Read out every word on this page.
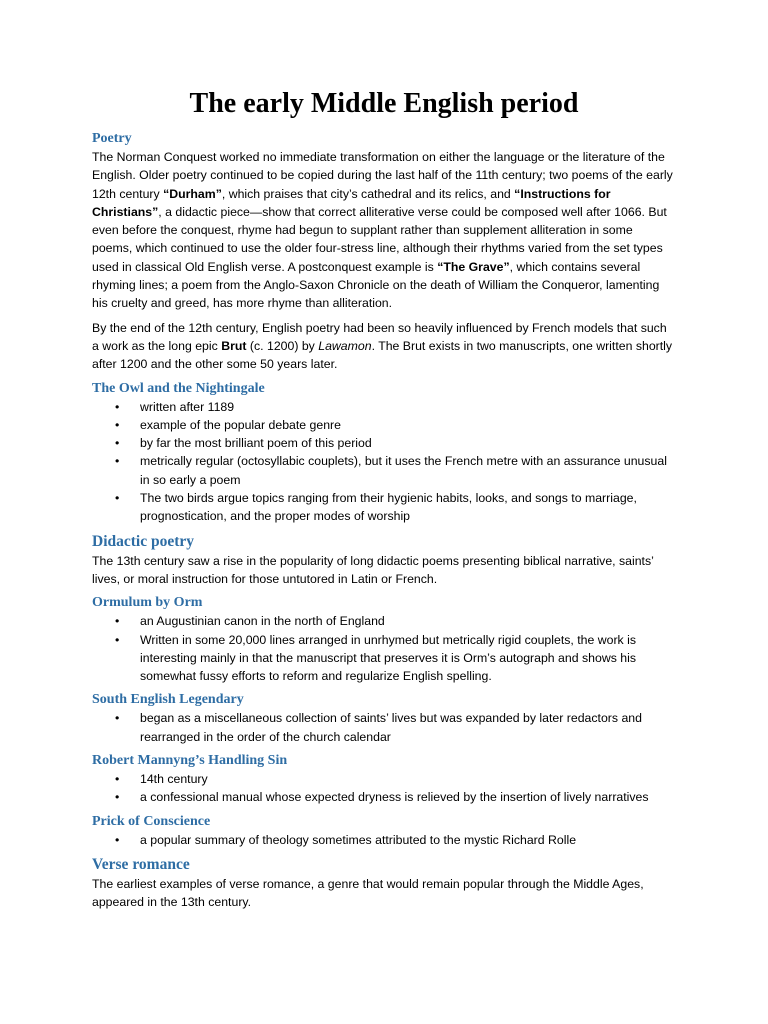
The early Middle English period
Poetry

The Norman Conquest worked no immediate transformation on either the language or the literature of the English. Older poetry continued to be copied during the last half of the 11th century; two poems of the early 12th century “Durham”, which praises that city’s cathedral and its relics, and “Instructions for Christians”, a didactic piece—show that correct alliterative verse could be composed well after 1066. But even before the conquest, rhyme had begun to supplant rather than supplement alliteration in some poems, which continued to use the older four-stress line, although their rhythms varied from the set types used in classical Old English verse. A postconquest example is “The Grave”, which contains several rhyming lines; a poem from the Anglo-Saxon Chronicle on the death of William the Conqueror, lamenting his cruelty and greed, has more rhyme than alliteration.

By the end of the 12th century, English poetry had been so heavily influenced by French models that such a work as the long epic Brut (c. 1200) by Lawamon. The Brut exists in two manuscripts, one written shortly after 1200 and the other some 50 years later.

The Owl and the Nightingale
• written after 1189
• example of the popular debate genre
• by far the most brilliant poem of this period
• metrically regular (octosyllabic couplets), but it uses the French metre with an assurance unusual in so early a poem
• The two birds argue topics ranging from their hygienic habits, looks, and songs to marriage, prognostication, and the proper modes of worship
Didactic poetry

The 13th century saw a rise in the popularity of long didactic poems presenting biblical narrative, saints’ lives, or moral instruction for those untutored in Latin or French.

Ormulum by Orm
• an Augustinian canon in the north of England
• Written in some 20,000 lines arranged in unrhymed but metrically rigid couplets, the work is interesting mainly in that the manuscript that preserves it is Orm’s autograph and shows his somewhat fussy efforts to reform and regularize English spelling.
South English Legendary
• began as a miscellaneous collection of saints’ lives but was expanded by later redactors and rearranged in the order of the church calendar
Robert Mannyng’s Handling Sin
• 14th century
• a confessional manual whose expected dryness is relieved by the insertion of lively narratives
Prick of Conscience
• a popular summary of theology sometimes attributed to the mystic Richard Rolle
Verse romance

The earliest examples of verse romance, a genre that would remain popular through the Middle Ages, appeared in the 13th century.
